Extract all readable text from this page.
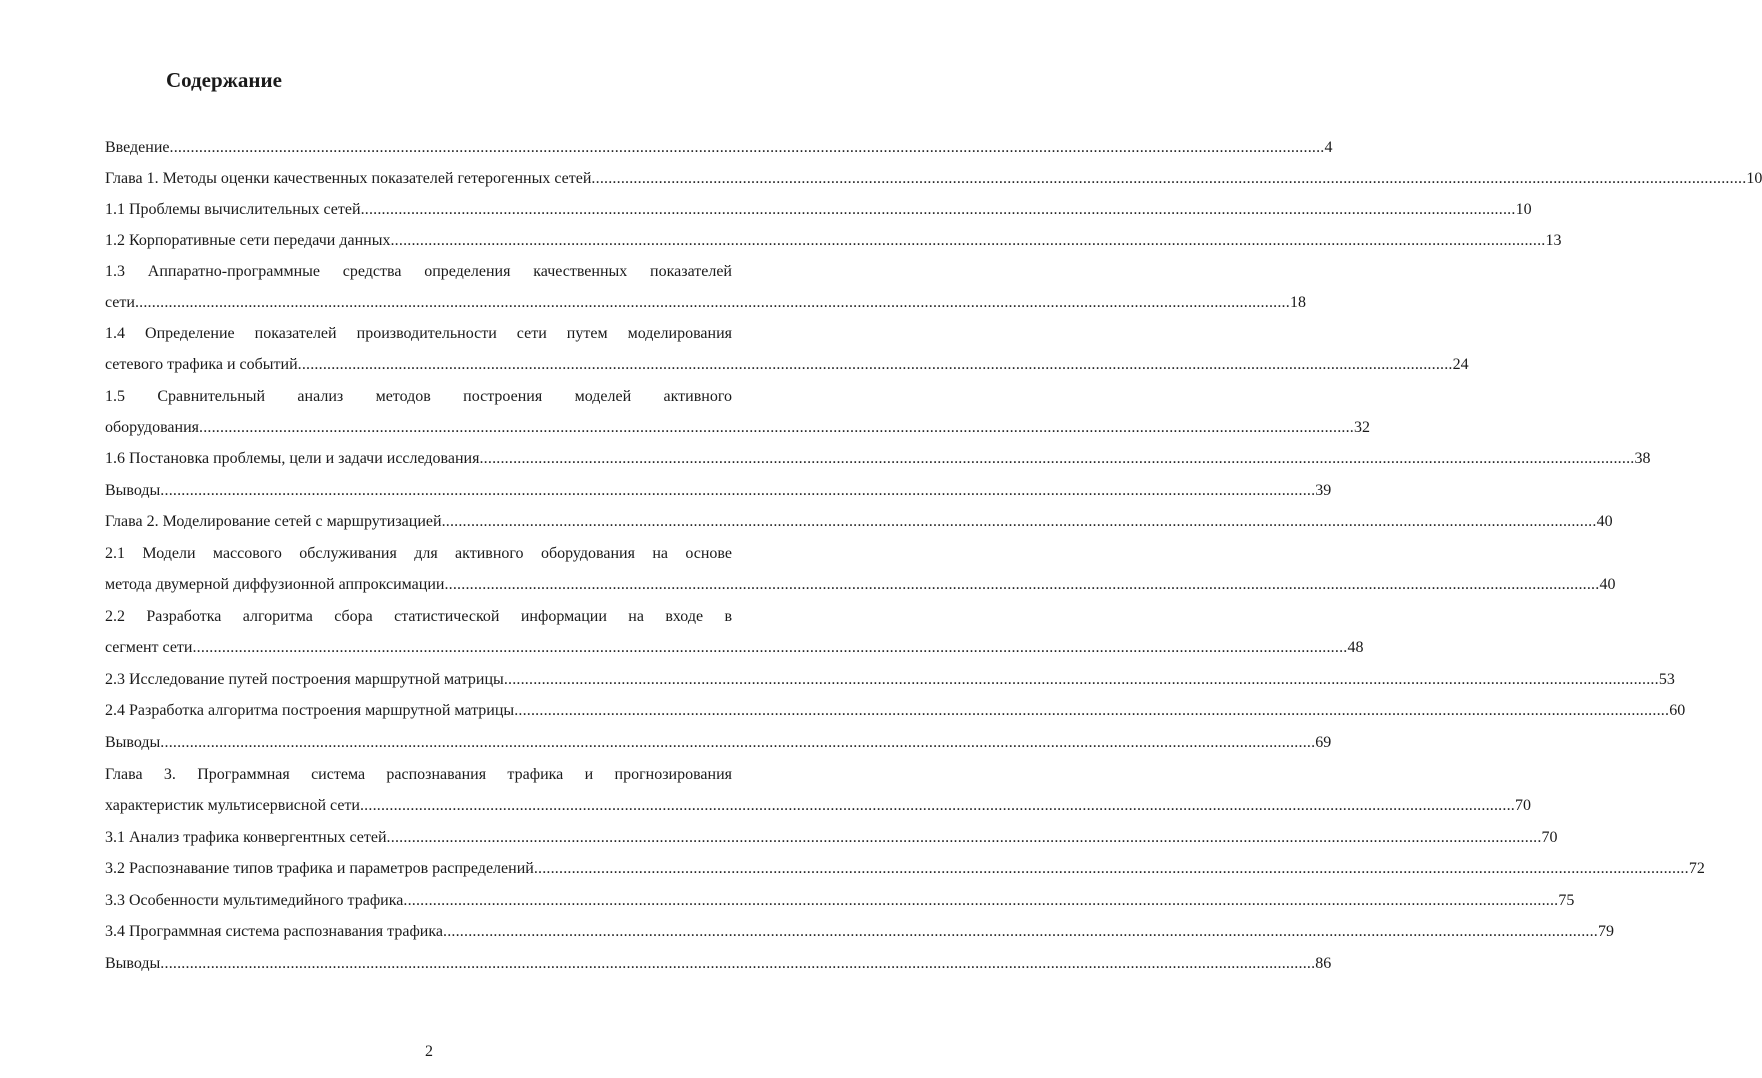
Содержание
Введение .....	4
Глава 1. Методы оценки качественных показателей гетерогенных сетей .....	10
1.1 Проблемы вычислительных сетей .....	10
1.2 Корпоративные сети передачи данных .....	13
1.3 Аппаратно-программные средства определения качественных показателей
сети .....	18
1.4 Определение показателей производительности сети путем моделирования
сетевого трафика и событий .....	24
1.5 Сравнительный анализ методов построения моделей активного
оборудования .....	32
1.6 Постановка проблемы, цели и задачи исследования .....	38
Выводы .....	39
Глава 2. Моделирование сетей с маршрутизацией .....	40
2.1 Модели массового обслуживания для активного оборудования на основе
метода двумерной диффузионной аппроксимации .....	40
2.2 Разработка алгоритма сбора статистической информации на входе в
сегмент сети .....	48
2.3 Исследование путей построения маршрутной матрицы .....	53
2.4 Разработка алгоритма построения маршрутной матрицы .....	60
Выводы .....	69
Глава 3. Программная система распознавания трафика и прогнозирования
характеристик мультисервисной сети .....	70
3.1 Анализ трафика конвергентных сетей .....	70
3.2 Распознавание типов трафика и параметров распределений .....	72
3.3 Особенности мультимедийного трафика .....	75
3.4 Программная система распознавания трафика .....	79
Выводы .....	86
2
